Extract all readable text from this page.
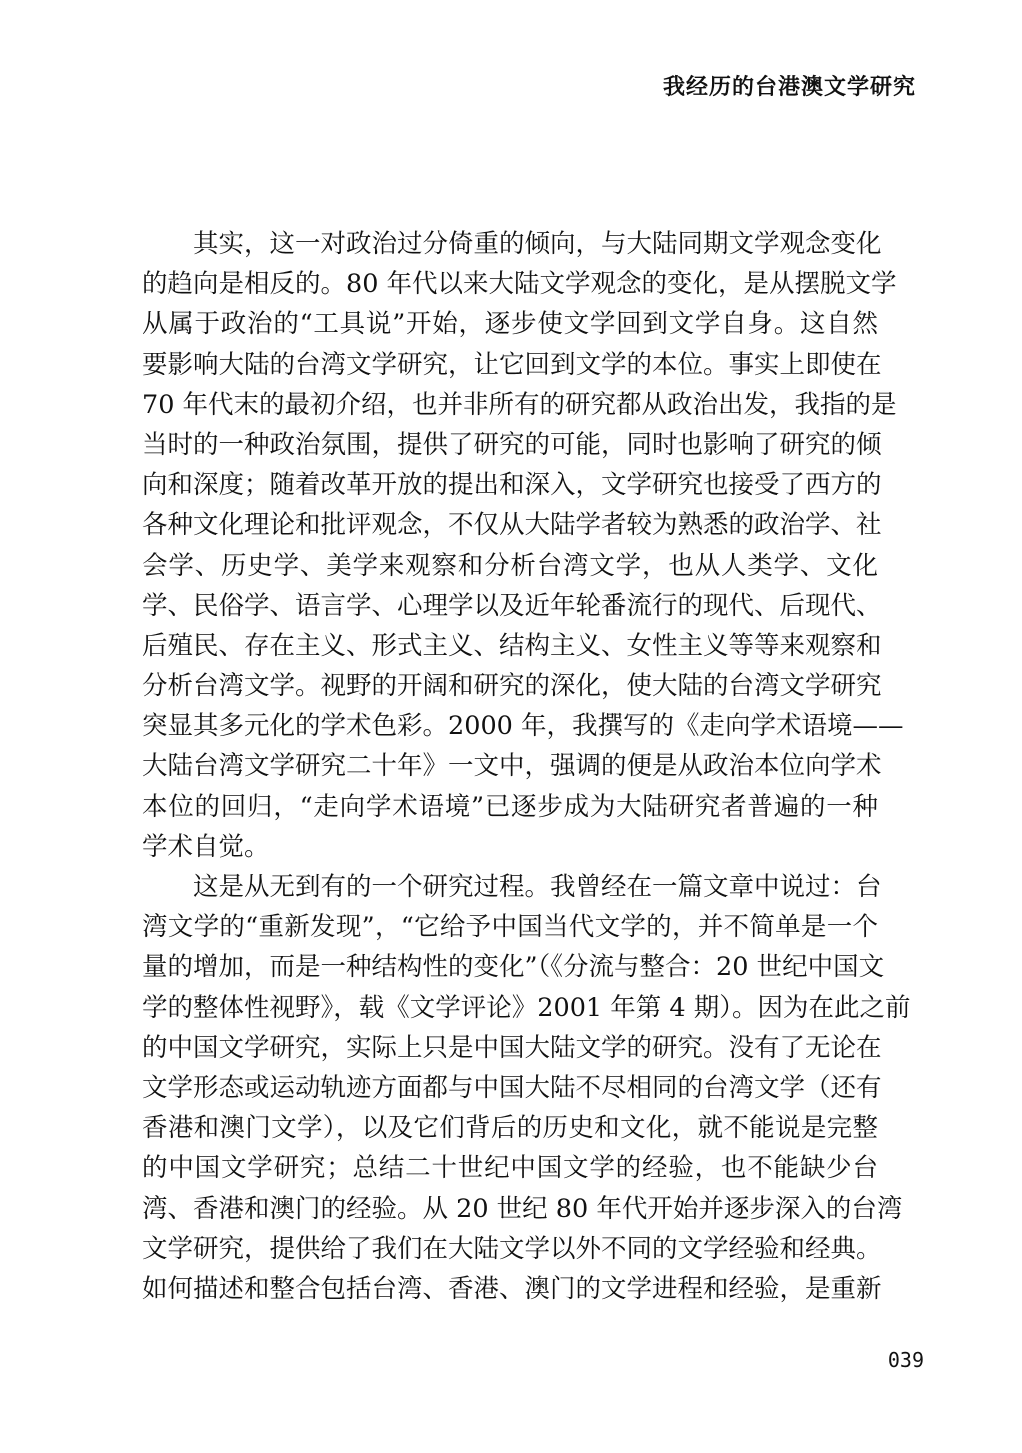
我经历的台港澳文学研究

　　其实，这一对政治过分倚重的倾向，与大陆同期文学观念变化
的趋向是相反的。80 年代以来大陆文学观念的变化，是从摆脱文学
从属于政治的“工具说”开始，逐步使文学回到文学自身。这自然
要影响大陆的台湾文学研究，让它回到文学的本位。事实上即使在
70 年代末的最初介绍，也并非所有的研究都从政治出发，我指的是
当时的一种政治氛围，提供了研究的可能，同时也影响了研究的倾
向和深度；随着改革开放的提出和深入，文学研究也接受了西方的
各种文化理论和批评观念，不仅从大陆学者较为熟悉的政治学、社
会学、历史学、美学来观察和分析台湾文学，也从人类学、文化
学、民俗学、语言学、心理学以及近年轮番流行的现代、后现代、
后殖民、存在主义、形式主义、结构主义、女性主义等等来观察和
分析台湾文学。视野的开阔和研究的深化，使大陆的台湾文学研究
突显其多元化的学术色彩。2000 年，我撰写的《走向学术语境——
大陆台湾文学研究二十年》一文中，强调的便是从政治本位向学术
本位的回归，“走向学术语境”已逐步成为大陆研究者普遍的一种
学术自觉。

　　这是从无到有的一个研究过程。我曾经在一篇文章中说过：台
湾文学的“重新发现”，“它给予中国当代文学的，并不简单是一个
量的增加，而是一种结构性的变化”（《分流与整合：20 世纪中国文
学的整体性视野》，载《文学评论》2001 年第 4 期）。因为在此之前
的中国文学研究，实际上只是中国大陆文学的研究。没有了无论在
文学形态或运动轨迹方面都与中国大陆不尽相同的台湾文学（还有
香港和澳门文学），以及它们背后的历史和文化，就不能说是完整
的中国文学研究；总结二十世纪中国文学的经验，也不能缺少台
湾、香港和澳门的经验。从 20 世纪 80 年代开始并逐步深入的台湾
文学研究，提供给了我们在大陆文学以外不同的文学经验和经典。
如何描述和整合包括台湾、香港、澳门的文学进程和经验，是重新

039
